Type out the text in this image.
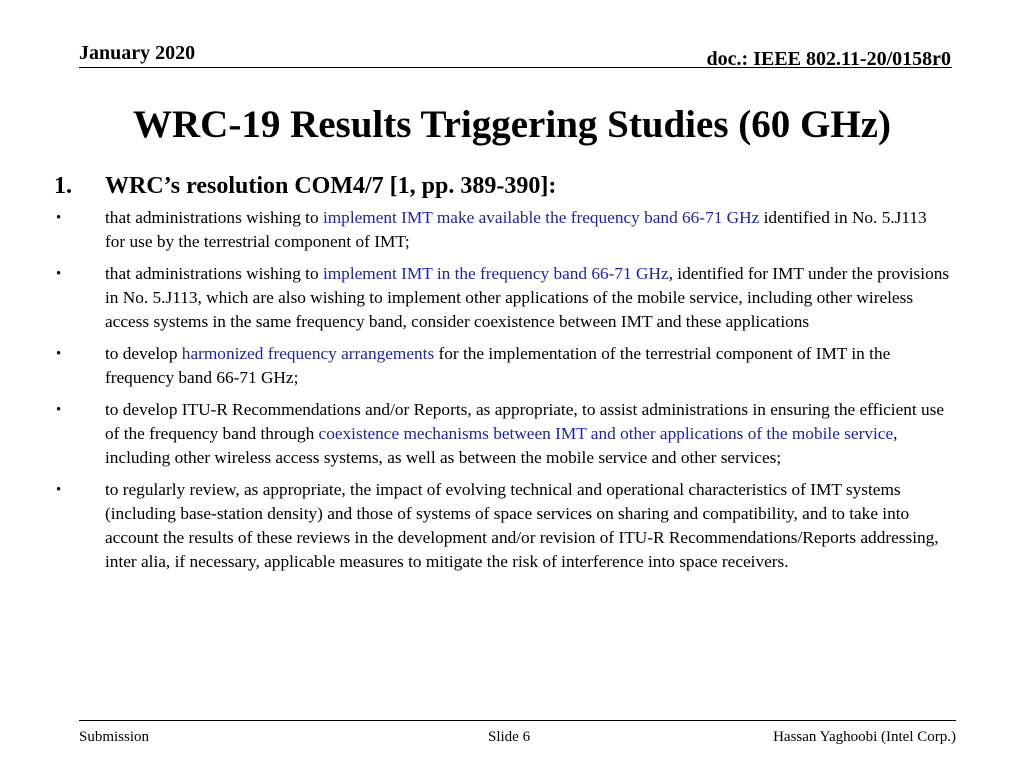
January 2020	doc.: IEEE 802.11-20/0158r0
WRC-19 Results Triggering Studies (60 GHz)
1. WRC’s resolution COM4/7 [1, pp. 389-390]:
•	that administrations wishing to implement IMT make available the frequency band 66-71 GHz identified in No. 5.J113 for use by the terrestrial component of IMT;
•	that administrations wishing to implement IMT in the frequency band 66-71 GHz, identified for IMT under the provisions in No. 5.J113, which are also wishing to implement other applications of the mobile service, including other wireless access systems in the same frequency band, consider coexistence between IMT and these applications
•	to develop harmonized frequency arrangements for the implementation of the terrestrial component of IMT in the frequency band 66-71 GHz;
•	to develop ITU-R Recommendations and/or Reports, as appropriate, to assist administrations in ensuring the efficient use of the frequency band through coexistence mechanisms between IMT and other applications of the mobile service, including other wireless access systems, as well as between the mobile service and other services;
•	to regularly review, as appropriate, the impact of evolving technical and operational characteristics of IMT systems (including base-station density) and those of systems of space services on sharing and compatibility, and to take into account the results of these reviews in the development and/or revision of ITU-R Recommendations/Reports addressing, inter alia, if necessary, applicable measures to mitigate the risk of interference into space receivers.
Submission	Slide 6	Hassan Yaghoobi (Intel Corp.)
